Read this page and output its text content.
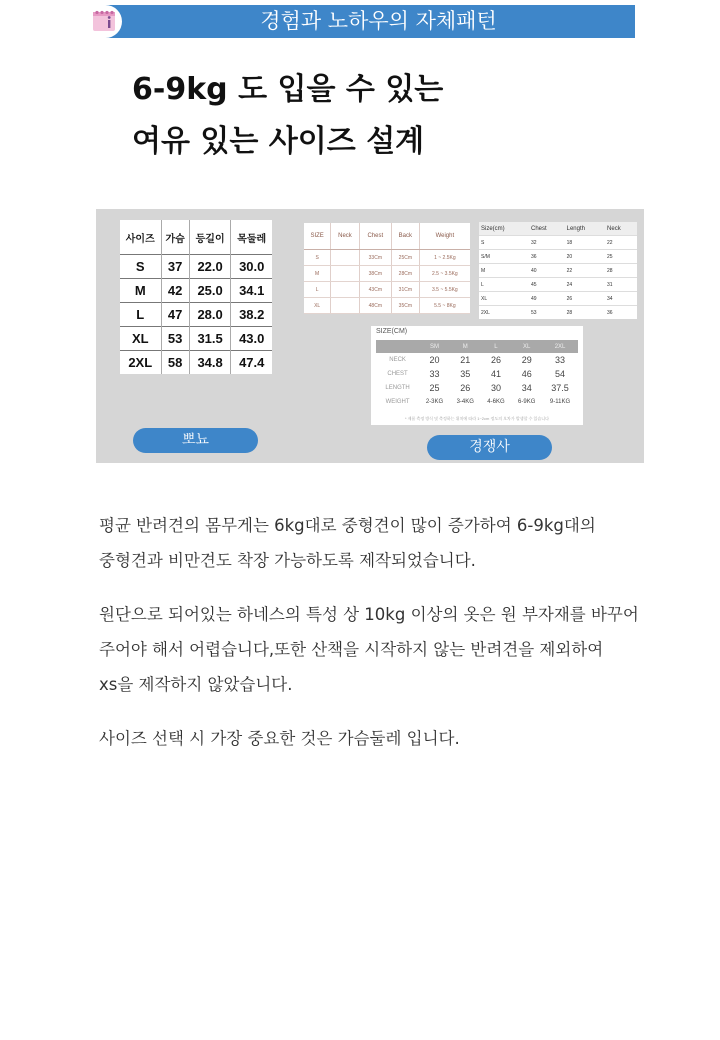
경험과 노하우의 자체패턴
6-9kg 도 입을 수 있는
여유 있는 사이즈 설계
사이즈	가슴	등길이	목둘레
S	37	22.0	30.0
M	42	25.0	34.1
L	47	28.0	38.2
XL	53	31.5	43.0
2XL	58	34.8	47.4
SIZE	Neck	Chest	Back	Weight
S		33Cm	25Cm	1 ~ 2.5Kg
M		38Cm	28Cm	2.5 ~ 3.5Kg
L		43Cm	31Cm	3.5 ~ 5.5Kg
XL		48Cm	35Cm	5.5 ~ 8Kg
Size(cm)	Chest	Length	Neck
S	32	18	22
S/M	36	20	25
M	40	22	28
L	45	24	31
XL	49	26	34
2XL	53	28	36
SIZE(CM)
	SM	M	L	XL	2XL
NECK	20	21	26	29	33
CHEST	33	35	41	46	54
LENGTH	25	26	30	34	37.5
WEIGHT	2-3KG	3-4KG	4-6KG	6-9KG	9-11KG
* 제품 측정 방식 및 측정하는 위치에 따라 1~2cm 정도의 오차가 발생할 수 있습니다
뽀뇨	경쟁사
평균 반려견의 몸무게는 6kg대로 중형견이 많이 증가하여 6-9kg대의
중형견과 비만견도 착장 가능하도록 제작되었습니다.
원단으로 되어있는 하네스의 특성 상 10kg 이상의 옷은 원 부자재를 바꾸어
주어야 해서 어렵습니다,또한 산책을 시작하지 않는 반려견을 제외하여
xs을 제작하지 않았습니다.
사이즈 선택 시 가장 중요한 것은 가슴둘레 입니다.
